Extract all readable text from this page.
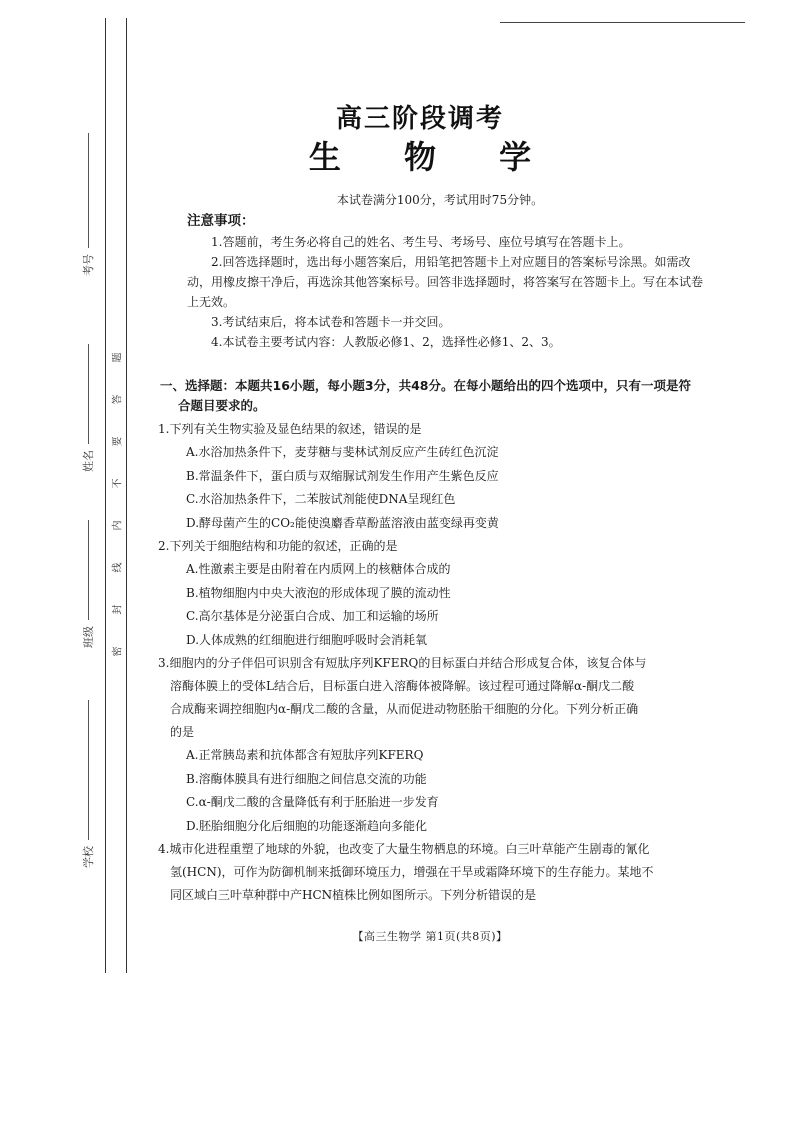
考号
姓名
班级
学校
密
封
线
内
不
要
答
题
高三阶段调考
生 物 学
本试卷满分100分，考试用时75分钟。
注意事项：

1.答题前，考生务必将自己的姓名、考生号、考场号、座位号填写在答题卡上。

2.回答选择题时，选出每小题答案后，用铅笔把答题卡上对应题目的答案标号涂黑。如需改动，用橡皮擦干净后，再选涂其他答案标号。回答非选择题时，将答案写在答题卡上。写在本试卷上无效。

3.考试结束后，将本试卷和答题卡一并交回。

4.本试卷主要考试内容：人教版必修1、2，选择性必修1、2、3。

一、选择题：本题共16小题，每小题3分，共48分。在每小题给出的四个选项中，只有一项是符
合题目要求的。
1.下列有关生物实验及显色结果的叙述，错误的是
A.水浴加热条件下，麦芽糖与斐林试剂反应产生砖红色沉淀
B.常温条件下，蛋白质与双缩脲试剂发生作用产生紫色反应
C.水浴加热条件下，二苯胺试剂能使DNA呈现红色
D.酵母菌产生的CO₂能使溴麝香草酚蓝溶液由蓝变绿再变黄
2.下列关于细胞结构和功能的叙述，正确的是
A.性激素主要是由附着在内质网上的核糖体合成的
B.植物细胞内中央大液泡的形成体现了膜的流动性
C.高尔基体是分泌蛋白合成、加工和运输的场所
D.人体成熟的红细胞进行细胞呼吸时会消耗氧
3.细胞内的分子伴侣可识别含有短肽序列KFERQ的目标蛋白并结合形成复合体，该复合体与
溶酶体膜上的受体L结合后，目标蛋白进入溶酶体被降解。该过程可通过降解α-酮戊二酸
合成酶来调控细胞内α-酮戊二酸的含量，从而促进动物胚胎干细胞的分化。下列分析正确
的是
A.正常胰岛素和抗体都含有短肽序列KFERQ
B.溶酶体膜具有进行细胞之间信息交流的功能
C.α-酮戊二酸的含量降低有利于胚胎进一步发育
D.胚胎细胞分化后细胞的功能逐渐趋向多能化
4.城市化进程重塑了地球的外貌，也改变了大量生物栖息的环境。白三叶草能产生剧毒的氰化
氢(HCN)，可作为防御机制来抵御环境压力，增强在干旱或霜降环境下的生存能力。某地不
同区域白三叶草种群中产HCN植株比例如图所示。下列分析错误的是
【高三生物学 第1页(共8页)】
